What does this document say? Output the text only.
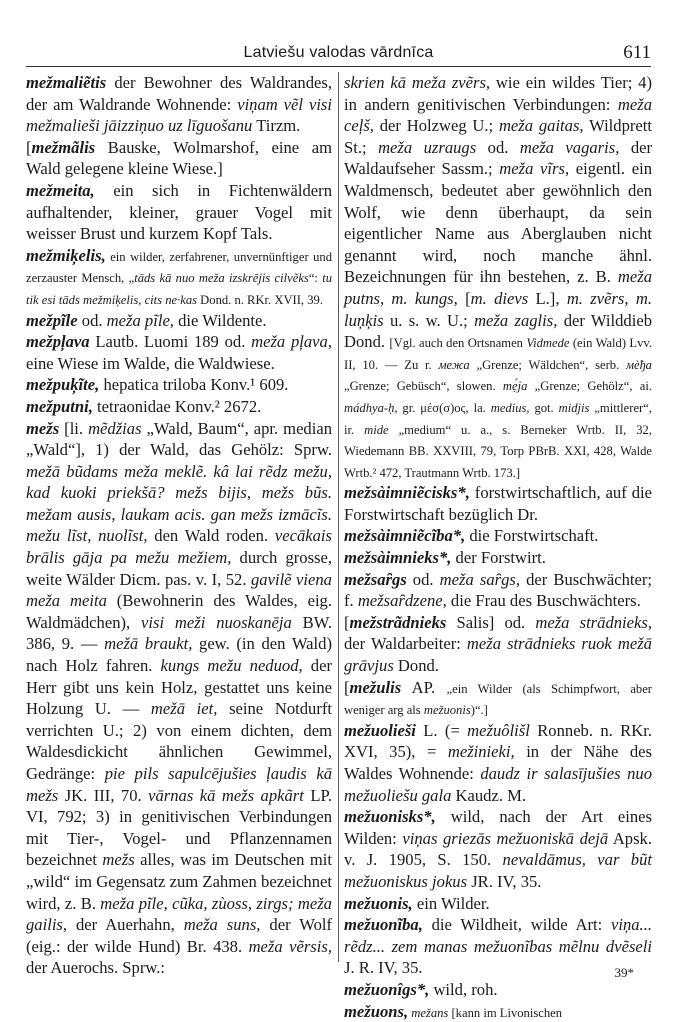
Latviešu valodas vārdnīca	611

mežmaliẽtis der Bewohner des Waldrandes, der am Waldrande Wohnende: viņam vẽl visi mežmalieši jāizziņuo uz līguošanu Tirzm.

[mežmãlis Bauske, Wolmarshof, eine am Wald gelegene kleine Wiese.]

mežmeita, ein sich in Fichtenwäldern aufhaltender, kleiner, grauer Vogel mit weisser Brust und kurzem Kopf Tals.

mežmiķelis, ein wilder, zerfahrener, unvernünftiger und zerzauster Mensch, „tāds kā nuo meža izskrējis cilvẽks“: tu tik esi tāds mežmiķelis, cits ne·kas Dond. n. RKr. XVII, 39.

mežpĩle od. meža pĩle, die Wildente.

mežpļava Lautb. Luomi 189 od. meža pļava, eine Wiese im Walde, die Waldwiese.

mežpuķĩte, hepatica triloba Konv.¹ 609.

mežputni, tetraonidae Konv.² 2672.

mežs [li. mẽdžias „Wald, Baum“, apr. median „Wald“], 1) der Wald, das Gehölz: Sprw. mežā bũdams meža meklẽ. kâ lai rẽdz mežu, kad kuoki priekšā? mežs bijis, mežs bũs. mežam ausis, laukam acis. gan mežs izmācĩs. mežu lĩst, nuolĩst, den Wald roden. vecākais brālis gāja pa mežu mežiem, durch grosse, weite Wälder Dicm. pas. v. I, 52. gavilẽ viena meža meita (Bewohnerin des Waldes, eig. Waldmädchen), visi meži nuoskanēja BW. 386, 9. — mežā braukt, gew. (in den Wald) nach Holz fahren. kungs mežu neduod, der Herr gibt uns kein Holz, gestattet uns keine Holzung U. — mežā iet, seine Notdurft verrichten U.; 2) von einem dichten, dem Waldesdickicht ähnlichen Gewimmel, Gedränge: pie pils sapulcējušies ļaudis kā mežs JK. III, 70. vārnas kā mežs apkãrt LP. VI, 792; 3) in genitivischen Verbindungen mit Tier-, Vogel- und Pflanzennamen bezeichnet mežs alles, was im Deutschen mit „wild“ im Gegensatz zum Zahmen bezeichnet wird, z. B. meža pĩle, cũka, zùoss, zirgs; meža gailis, der Auerhahn, meža suns, der Wolf (eig.: der wilde Hund) Br. 438. meža vẽrsis, der Auerochs. Sprw.:

skrien kā meža zvẽrs, wie ein wildes Tier; 4) in andern genitivischen Verbindungen: meža ceļš, der Holzweg U.; meža gaitas, Wildprett St.; meža uzraugs od. meža vagaris, der Waldaufseher Sassm.; meža vĩrs, eigentl. ein Waldmensch, bedeutet aber gewöhnlich den Wolf, wie denn überhaupt, da sein eigentlicher Name aus Aberglauben nicht genannt wird, noch manche ähnl. Bezeichnungen für ihn bestehen, z. B. meža putns, m. kungs, [m. dievs L.], m. zvẽrs, m. luņķis u. s. w. U.; meža zaglis, der Wilddieb Dond. [Vgl. auch den Ortsnamen Vidmede (ein Wald) Lvv. II, 10. — Zu r. межа „Grenze; Wäldchen“, serb. мèђа „Grenze; Gebüsch“, slowen. mẹ́ja „Grenze; Gehölz“, ai. mádhya-ḥ, gr. μέσ(σ)ος, la. medius, got. midjis „mittlerer“, ir. mide „medium“ u. a., s. Berneker Wrtb. II, 32, Wiedemann BB. XXVIII, 79, Torp PBrB. XXI, 428, Walde Wrtb.² 472, Trautmann Wrtb. 173.]

mežsàimniẽcisks*, forstwirtschaftlich, auf die Forstwirtschaft bezüglich Dr.

mežsàimniẽcĩba*, die Forstwirtschaft.

mežsàimnieks*, der Forstwirt.

mežsaȓgs od. meža saȓgs, der Buschwächter; f. mežsaȓdzene, die Frau des Buschwächters.

[mežstrãdnieks Salis] od. meža strādnieks, der Waldarbeiter: meža strādnieks ruok mežā grāvjus Dond.

[mežulis AP. „ein Wilder (als Schimpfwort, aber weniger arg als mežuonis)“.]

mežuolieši L. (= mežuôlišl Ronneb. n. RKr. XVI, 35), = mežinieki, in der Nähe des Waldes Wohnende: daudz ir salasījušies nuo mežuoliešu gala Kaudz. M.

mežuonisks*, wild, nach der Art eines Wilden: viņas griezās mežuoniskā dejā Apsk. v. J. 1905, S. 150. nevaldāmus, var bũt mežuoniskus jokus JR. IV, 35.

mežuonis, ein Wilder.

mežuonĩba, die Wildheit, wilde Art: viņa... rẽdz... zem manas mežuonĩbas mẽlnu dvẽseli J. R. IV, 35.

mežuonîgs*, wild, roh.

mežuons, mežans [kann im Livonischen

39*
